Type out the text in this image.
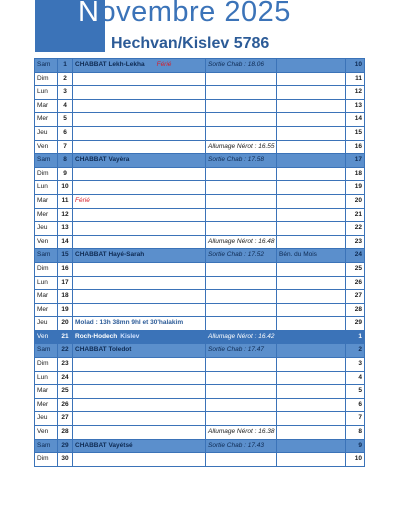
Novembre 2025
Hechvan/Kislev 5786
Sam	1	CHABBAT Lekh-Lekha Férié	Sortie Chab : 18.06		10
Dim	2				11
Lun	3				12
Mar	4				13
Mer	5				14
Jeu	6				15
Ven	7		Allumage Nérot : 16.55		16
Sam	8	CHABBAT Vayèra	Sortie Chab : 17.58		17
Dim	9				18
Lun	10				19
Mar	11	Férié			20
Mer	12				21
Jeu	13				22
Ven	14		Allumage Nérot : 16.48		23
Sam	15	CHABBAT Hayé-Sarah	Sortie Chab : 17.52	Bén. du Mois	24
Dim	16				25
Lun	17				26
Mar	18				27
Mer	19				28
Jeu	20	Molad : 13h 38mn 9hl et 30'halakim			29
Ven	21	Roch-Hodech Kislev	Allumage Nérot : 16.42		1
Sam	22	CHABBAT Toledot	Sortie Chab : 17.47		2
Dim	23				3
Lun	24				4
Mar	25				5
Mer	26				6
Jeu	27				7
Ven	28		Allumage Nérot : 16.38		8
Sam	29	CHABBAT Vayétsé	Sortie Chab : 17.43		9
Dim	30				10
